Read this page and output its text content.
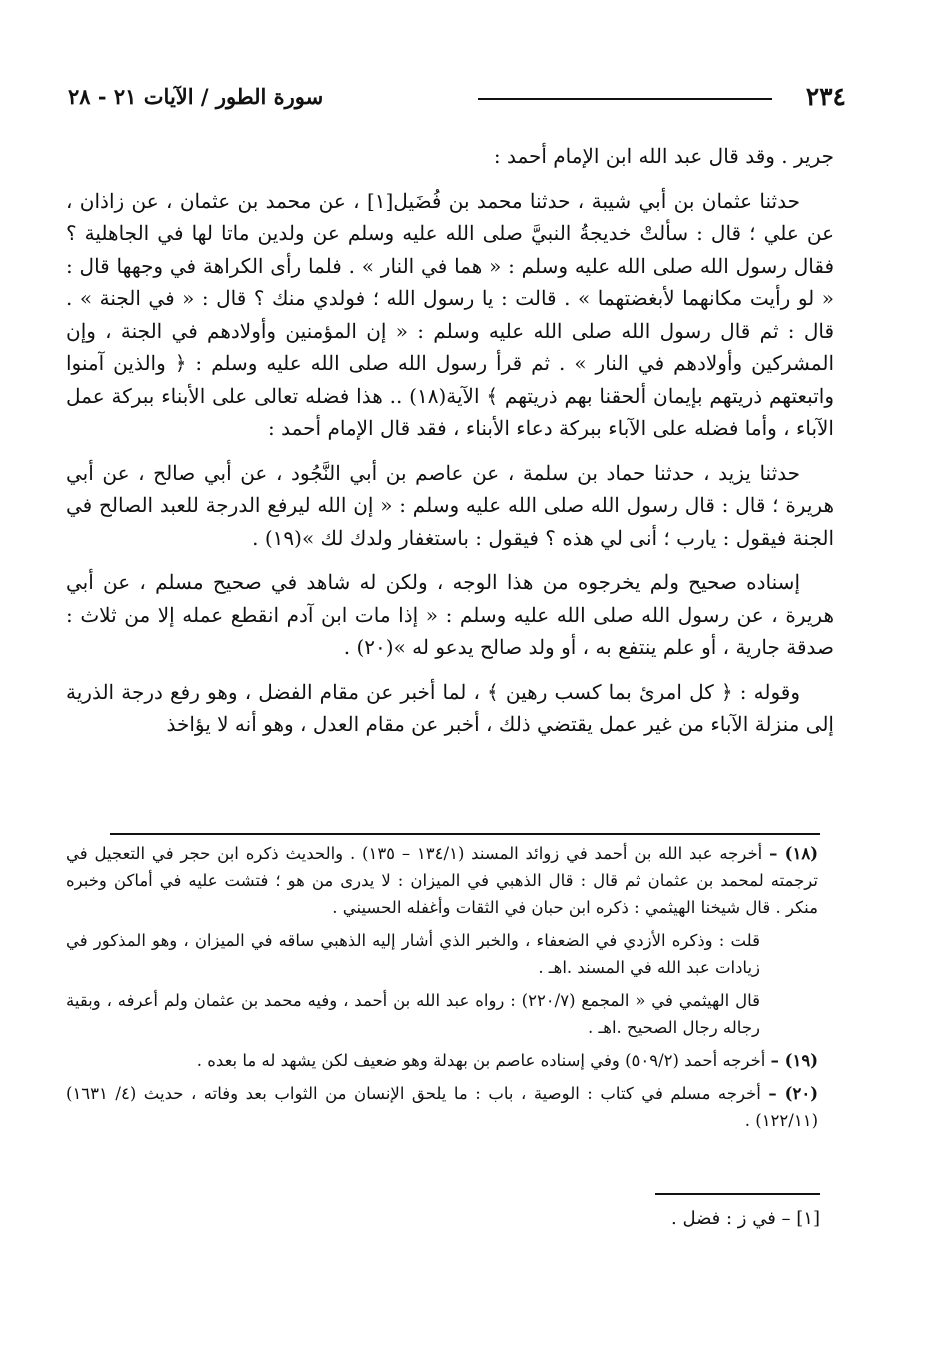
٢٣٤
سورة الطور / الآيات ٢١ - ٢٨

جرير . وقد قال عبد الله ابن الإمام أحمد :

حدثنا عثمان بن أبي شيبة ، حدثنا محمد بن فُضَيل[١] ، عن محمد بن عثمان ، عن زاذان ، عن علي ؛ قال : سألتْ خديجةُ النبيَّ صلى الله عليه وسلم عن ولدين ماتا لها في الجاهلية ؟ فقال رسول الله صلى الله عليه وسلم : « هما في النار » . فلما رأى الكراهة في وجهها قال : « لو رأيت مكانهما لأبغضتهما » . قالت : يا رسول الله ؛ فولدي منك ؟ قال : « في الجنة » . قال : ثم قال رسول الله صلى الله عليه وسلم : « إن المؤمنين وأولادهم في الجنة ، وإن المشركين وأولادهم في النار » . ثم قرأ رسول الله صلى الله عليه وسلم : ﴿ والذين آمنوا واتبعتهم ذريتهم بإيمان ألحقنا بهم ذريتهم ﴾ الآية(١٨) .. هذا فضله تعالى على الأبناء ببركة عمل الآباء ، وأما فضله على الآباء ببركة دعاء الأبناء ، فقد قال الإمام أحمد :

حدثنا يزيد ، حدثنا حماد بن سلمة ، عن عاصم بن أبي النَّجُود ، عن أبي صالح ، عن أبي هريرة ؛ قال : قال رسول الله صلى الله عليه وسلم : « إن الله ليرفع الدرجة للعبد الصالح في الجنة فيقول : يارب ؛ أنى لي هذه ؟ فيقول : باستغفار ولدك لك »(١٩) .

إسناده صحيح ولم يخرجوه من هذا الوجه ، ولكن له شاهد في صحيح مسلم ، عن أبي هريرة ، عن رسول الله صلى الله عليه وسلم : « إذا مات ابن آدم انقطع عمله إلا من ثلاث : صدقة جارية ، أو علم ينتفع به ، أو ولد صالح يدعو له »(٢٠) .

وقوله : ﴿ كل امرئ بما كسب رهين ﴾ ، لما أخبر عن مقام الفضل ، وهو رفع درجة الذرية إلى منزلة الآباء من غير عمل يقتضي ذلك ، أخبر عن مقام العدل ، وهو أنه لا يؤاخذ

(١٨) – أخرجه عبد الله بن أحمد في زوائد المسند (١٣٤/١ – ١٣٥) . والحديث ذكره ابن حجر في التعجيل في ترجمته لمحمد بن عثمان ثم قال : قال الذهبي في الميزان : لا يدرى من هو ؛ فتشت عليه في أماكن وخبره منكر . قال شيخنا الهيثمي : ذكره ابن حبان في الثقات وأغفله الحسيني .
قلت : وذكره الأزدي في الضعفاء ، والخبر الذي أشار إليه الذهبي ساقه في الميزان ، وهو المذكور في زيادات عبد الله في المسند .اهـ .
قال الهيثمي في « المجمع (٢٢٠/٧) : رواه عبد الله بن أحمد ، وفيه محمد بن عثمان ولم أعرفه ، وبقية رجاله رجال الصحيح .اهـ .
(١٩) – أخرجه أحمد (٥٠٩/٢) وفي إسناده عاصم بن بهدلة وهو ضعيف لكن يشهد له ما بعده .
(٢٠) – أخرجه مسلم في كتاب : الوصية ، باب : ما يلحق الإنسان من الثواب بعد وفاته ، حديث (٤/ ١٦٣١) (١٢٢/١١) .
[١] – في ز : فضل .
